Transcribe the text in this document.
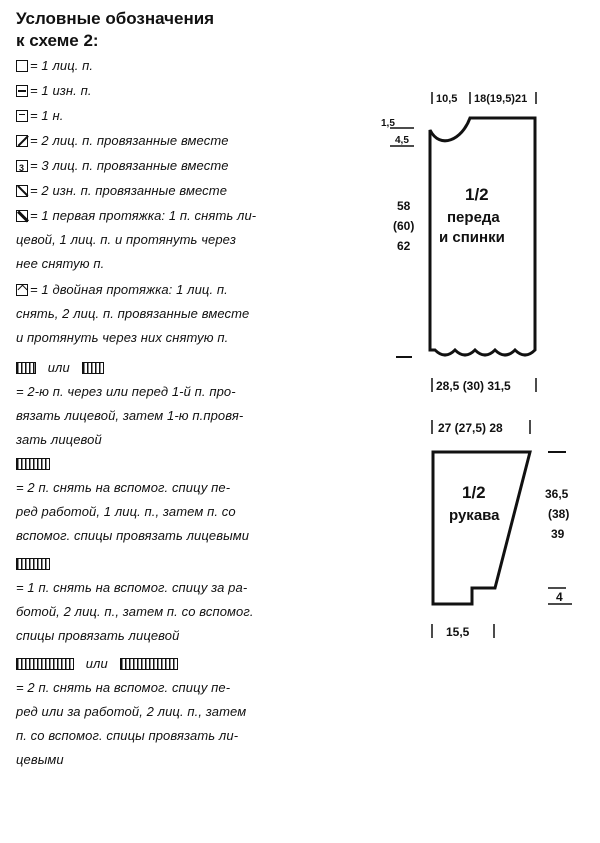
Условные обозначения

к схеме 2:

= 1 лиц. п.

= 1 изн. п.

= 1 н.

= 2 лиц. п. провязанные вместе

3= 3 лиц. п. провязанные вместе

= 2 изн. п. провязанные вместе

= 1 первая протяжка: 1 п. снять ли-

цевой, 1 лиц. п. и протянуть через

нее снятую п.

= 1 двойная протяжка: 1 лиц. п.

снять, 2 лиц. п. провязанные вместе

и протянуть через них снятую п.

или

= 2-ю п. через или перед 1-й п. про-

вязать лицевой, затем 1-ю п.провя-

зать лицевой

= 2 п. снять на вспомог. спицу пе-

ред работой, 1 лиц. п., затем п. со

вспомог. спицы провязать лицевыми

= 1 п. снять на вспомог. спицу за ра-

ботой, 2 лиц. п., затем п. со вспомог.

спицы провязать лицевой

или

= 2 п. снять на вспомог. спицу пе-

ред или за работой, 2 лиц. п., затем

п. со вспомог. спицы провязать ли-

цевыми

10,5 18(19,5)21
1,5
4,5
58
(60)
62
1/2
переда
и спинки
28,5 (30) 31,5
27 (27,5) 28
1/2
рукава
36,5
(38)
39
4
15,5
